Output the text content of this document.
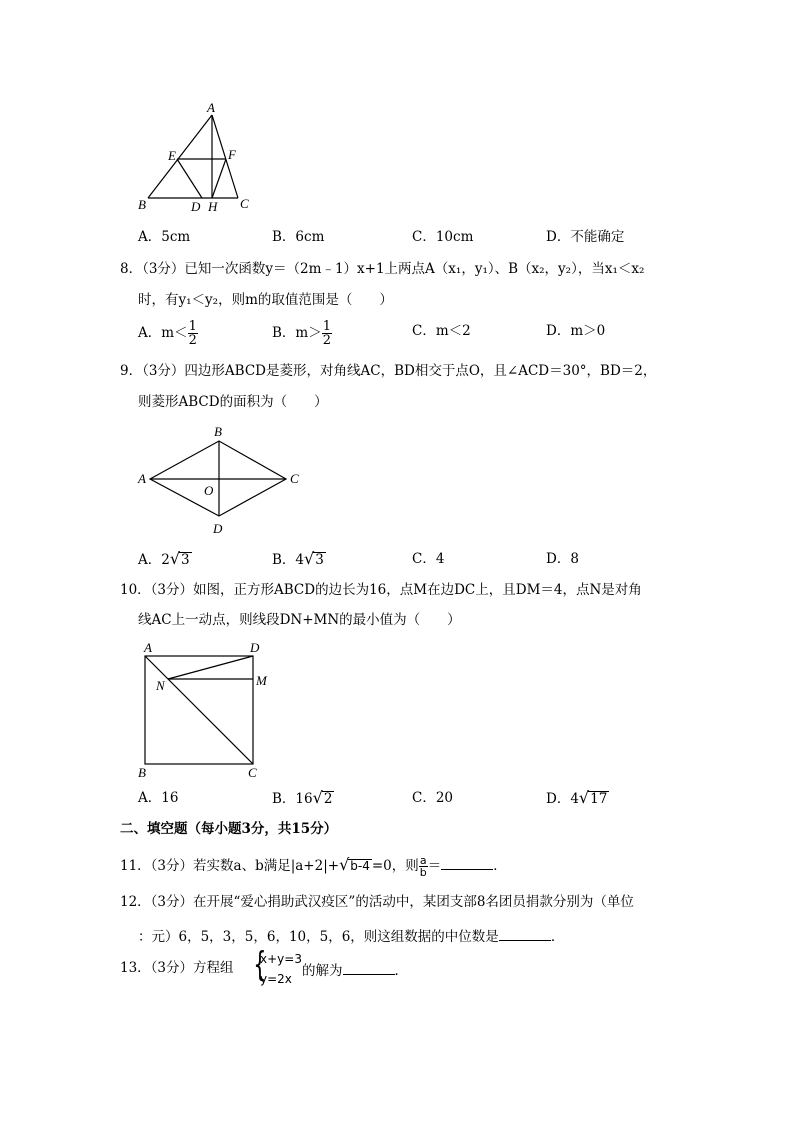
A
E	F
B	D H C
A．5cm	B．6cm	C．10cm	D．不能确定
8．（3分）已知一次函数y＝（2m﹣1）x+1上两点A（x₁，y₁）、B（x₂，y₂），当x₁＜x₂
时，有y₁＜y₂，则m的取值范围是（　　）
A．$m< \frac{1}{2}$	B．$m> \frac{1}{2}$	C．m＜2	D．m＞0
9．（3分）四边形ABCD是菱形，对角线AC，BD相交于点O，且∠ACD＝30°，BD＝2，
则菱形ABCD的面积为（　　）
B
A	C
O
D
A．2√3	B．4√3	C．4	D．8
10．（3分）如图，正方形ABCD的边长为16，点M在边DC上，且DM＝4，点N是对角
线AC上一动点，则线段DN+MN的最小值为（　　）
A	D
N	M
B	C
A．16	B．16√2	C．20	D．4√17
二、填空题（每小题3分，共15分）
11．（3分）若实数a、b满足|a+2|+√b-4 =0，则 $\frac{a}{b}$ ＝	．
12．（3分）在开展“爱心捐助武汉疫区”的活动中，某团支部8名团员捐款分别为（单位
：元）6，5，3，5，6，10，5，6，则这组数据的中位数是	．
13．（3分）方程组 {
x+y=3
y=2x 的解为	．
